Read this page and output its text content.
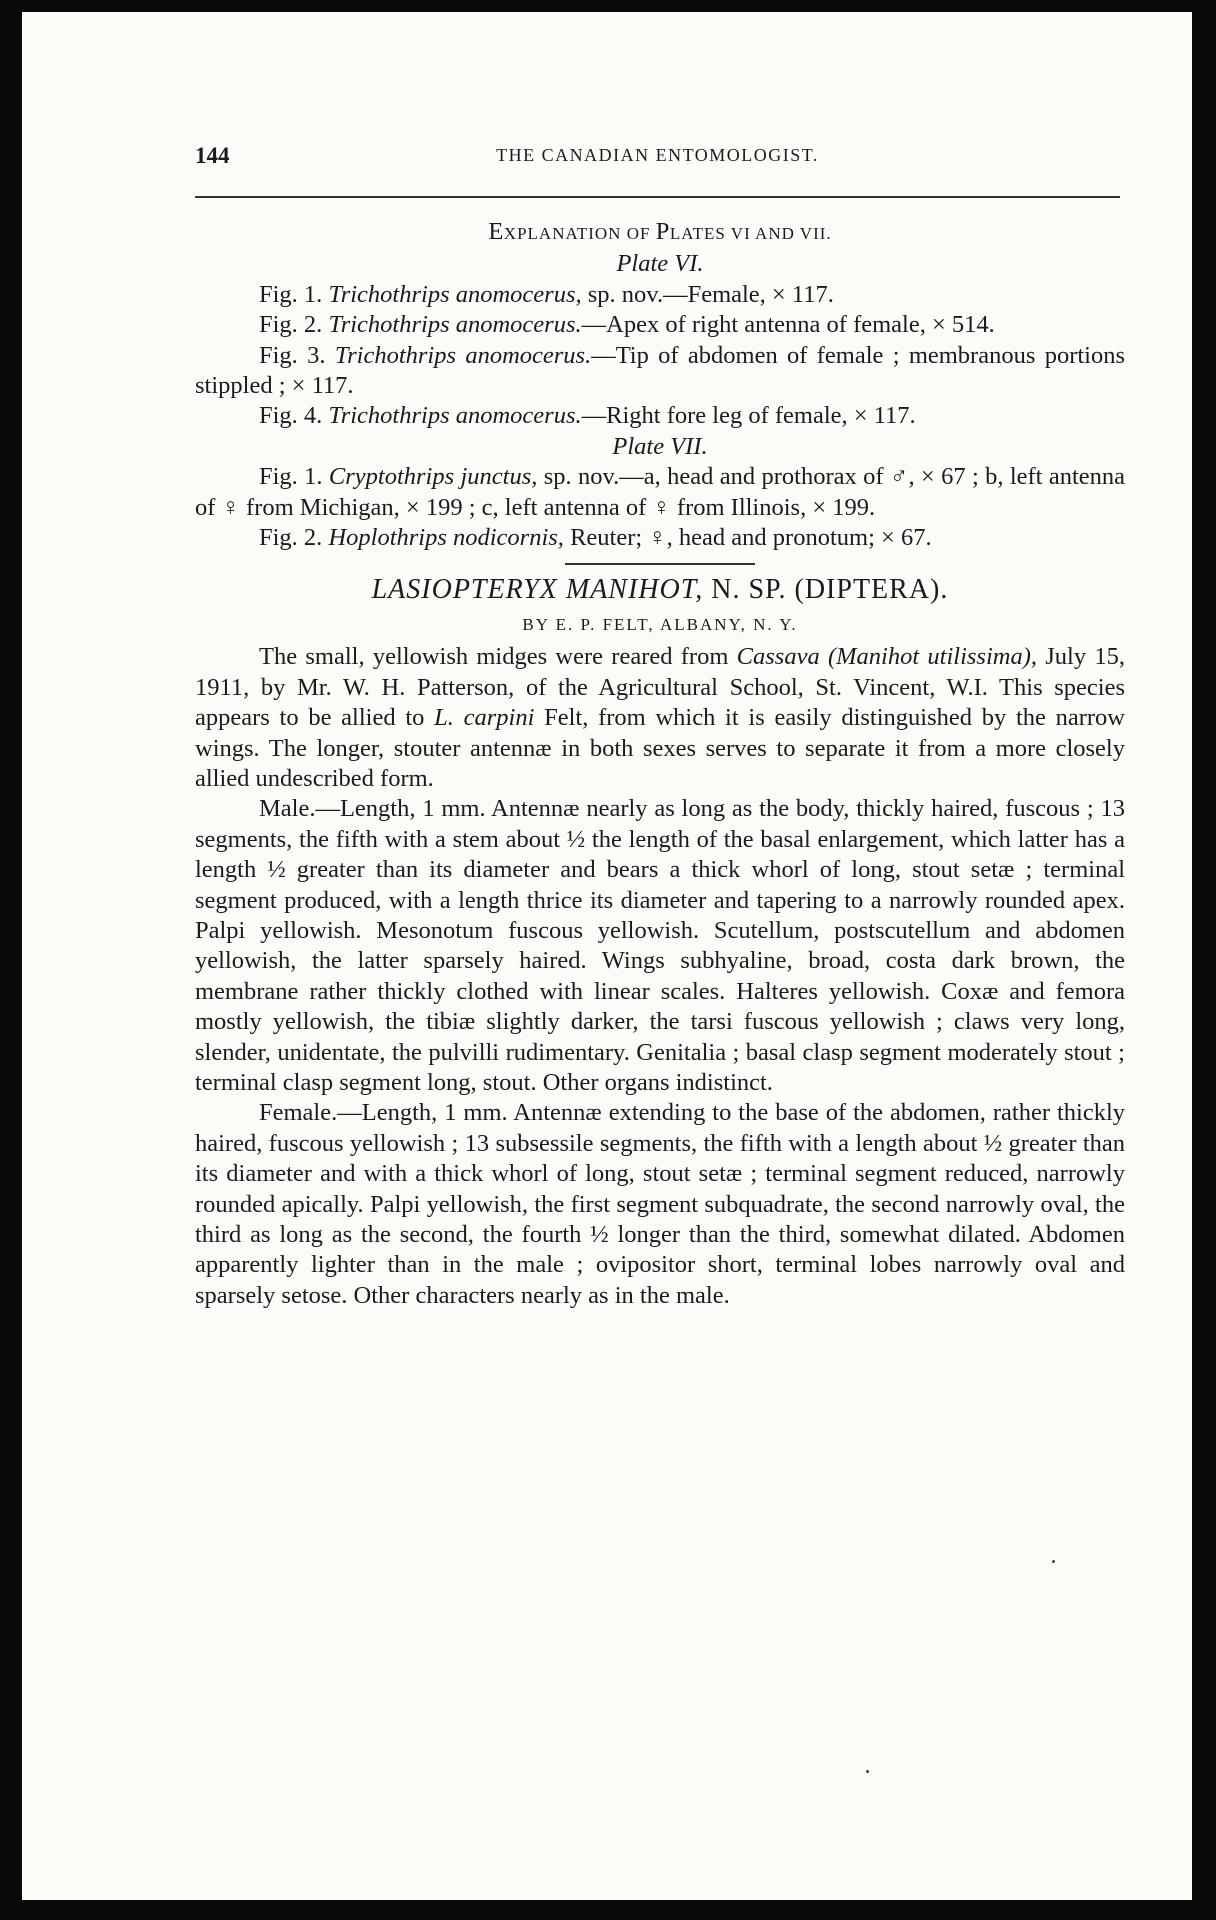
144	THE CANADIAN ENTOMOLOGIST.
EXPLANATION OF PLATES VI AND VII.
Plate VI.

Fig. 1. Trichothrips anomocerus, sp. nov.—Female, × 117.

Fig. 2. Trichothrips anomocerus.—Apex of right antenna of female, × 514.

Fig. 3. Trichothrips anomocerus.—Tip of abdomen of female ; membranous portions stippled ; × 117.

Fig. 4. Trichothrips anomocerus.—Right fore leg of female, × 117.

Plate VII.

Fig. 1. Cryptothrips junctus, sp. nov.—a, head and prothorax of ♂, × 67 ; b, left antenna of ♀ from Michigan, × 199 ; c, left antenna of ♀ from Illinois, × 199.

Fig. 2. Hoplothrips nodicornis, Reuter; ♀, head and pronotum; × 67.

LASIOPTERYX MANIHOT, N. SP. (DIPTERA).
BY E. P. FELT, ALBANY, N. Y.

The small, yellowish midges were reared from Cassava (Manihot utilissima), July 15, 1911, by Mr. W. H. Patterson, of the Agricultural School, St. Vincent, W.I. This species appears to be allied to L. carpini Felt, from which it is easily distinguished by the narrow wings. The longer, stouter antennæ in both sexes serves to separate it from a more closely allied undescribed form.

Male.—Length, 1 mm. Antennæ nearly as long as the body, thickly haired, fuscous ; 13 segments, the fifth with a stem about ½ the length of the basal enlargement, which latter has a length ½ greater than its diameter and bears a thick whorl of long, stout setæ ; terminal segment produced, with a length thrice its diameter and tapering to a narrowly rounded apex. Palpi yellowish. Mesonotum fuscous yellowish. Scutellum, postscutellum and abdomen yellowish, the latter sparsely haired. Wings subhyaline, broad, costa dark brown, the membrane rather thickly clothed with linear scales. Halteres yellowish. Coxæ and femora mostly yellowish, the tibiæ slightly darker, the tarsi fuscous yellowish ; claws very long, slender, unidentate, the pulvilli rudimentary. Genitalia ; basal clasp segment moderately stout ; terminal clasp segment long, stout. Other organs indistinct.

Female.—Length, 1 mm. Antennæ extending to the base of the abdomen, rather thickly haired, fuscous yellowish ; 13 subsessile segments, the fifth with a length about ½ greater than its diameter and with a thick whorl of long, stout setæ ; terminal segment reduced, narrowly rounded apically. Palpi yellowish, the first segment subquadrate, the second narrowly oval, the third as long as the second, the fourth ½ longer than the third, somewhat dilated. Abdomen apparently lighter than in the male ; ovipositor short, terminal lobes narrowly oval and sparsely setose. Other characters nearly as in the male.
